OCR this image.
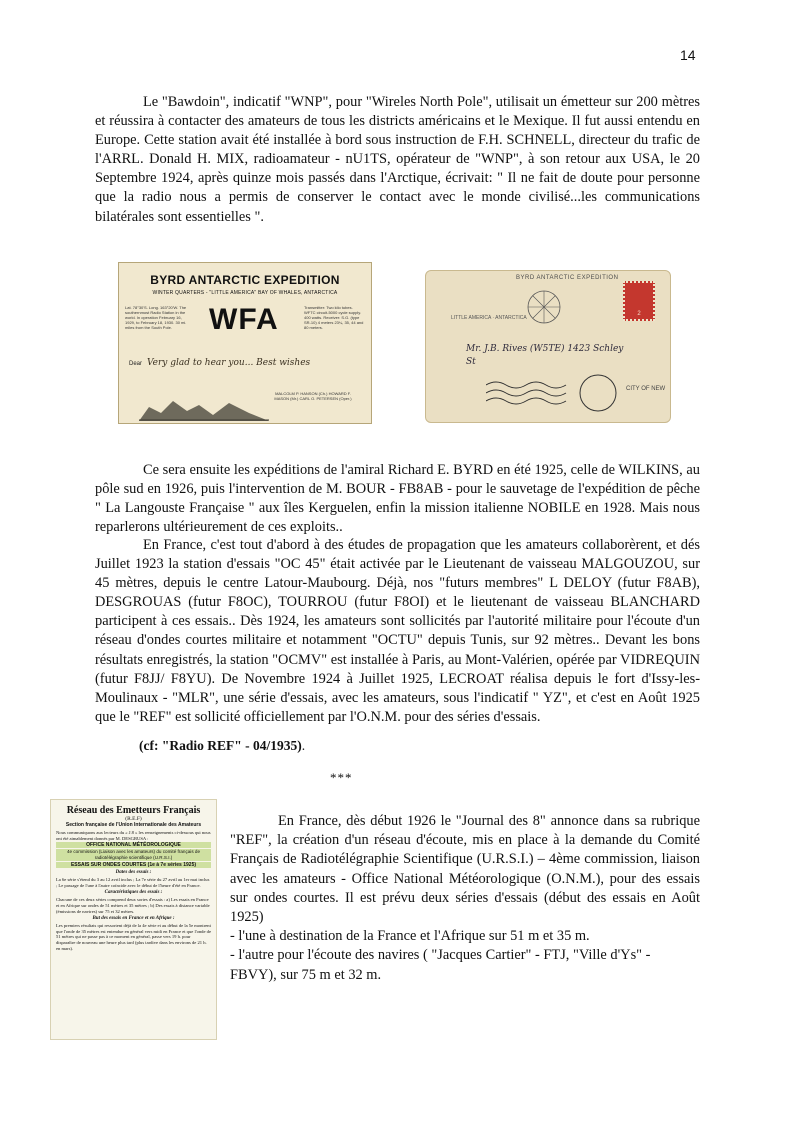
14

Le "Bawdoin", indicatif "WNP", pour "Wireles North Pole", utilisait un émetteur sur 200 mètres et réussira à contacter des amateurs de tous les districts américains et le Mexique. Il fut aussi entendu en Europe. Cette station avait été installée à bord sous instruction de F.H. SCHNELL, directeur du trafic de l'ARRL. Donald H. MIX, radioamateur - nU1TS, opérateur de "WNP", à son retour aux USA, le 20 Septembre 1924, après quinze mois passés dans l'Arctique, écrivait: " Il ne fait de doute pour personne que la radio nous a permis de conserver le contact avec le monde civilisé...les communications bilatérales sont essentielles ".

BYRD ANTARCTIC EXPEDITION
WINTER QUARTERS - "LITTLE AMERICA" BAY OF WHALES, ANTARCTICA
Lat. 78°30'S. Long. 163°20'W. The southernmost Radio Station in the world. In operation February 16, 1929, to February 18, 1930. 30 mi. miles from the South Pole.	WFA	Transmitter: Two kilo tubes. WFTC circuit-5000 cycle supply. 400 watts. Receiver: S.G. (type SR-10) 4 meters 23¼, 35, 44 and 80 meters.
Dear Very glad to hear you... Best wishes
MALCOLM P. HANSON (Ch.) HOWARD F. MASON (Mr.) CARL O. PETERSEN (Oper.)
BYRD ANTARCTIC EXPEDITION
LITTLE AMERICA · ANTARCTICA
2
Mr. J.B. Rives (W5TE) 1423 Schley St
CITY OF NEW

Ce sera ensuite les expéditions de l'amiral Richard E. BYRD en été 1925, celle de WILKINS, au pôle sud en 1926, puis l'intervention de M. BOUR - FB8AB - pour le sauvetage de l'expédition de pêche " La Langouste Française " aux îles Kerguelen, enfin la mission italienne NOBILE en 1928. Mais nous reparlerons ultérieurement de ces exploits..

En France, c'est tout d'abord à des études de propagation que les amateurs collaborèrent, et dés Juillet 1923 la station d'essais "OC 45" était activée par le Lieutenant de vaisseau MALGOUZOU, sur 45 mètres, depuis le centre Latour-Maubourg. Déjà, nos "futurs membres" L DELOY (futur F8AB), DESGROUAS (futur F8OC), TOURROU (futur F8OI) et le lieutenant de vaisseau BLANCHARD participent à ces essais.. Dès 1924, les amateurs sont sollicités par l'autorité militaire pour l'écoute d'un réseau d'ondes courtes militaire et notamment "OCTU" depuis Tunis, sur 92 mètres.. Devant les bons résultats enregistrés, la station "OCMV" est installée à Paris, au Mont-Valérien, opérée par VIDREQUIN (futur F8JJ/ F8YU). De Novembre 1924 à Juillet 1925, LECROAT réalisa depuis le fort d'Issy-les-Moulinaux - "MLR", une série d'essais, avec les amateurs, sous l'indicatif " YZ", et c'est en Août 1925 que le "REF" est sollicité officiellement par l'O.N.M. pour des séries d'essais.

(cf: "Radio REF" - 04/1935).
***
Réseau des Emetteurs Français
(R.E.F)
Section française de l'Union Internationale des Amateurs
Nous communiquons aux lecteurs du « J.8 » les renseignements ci-dessous qui nous ont été aimablement donnés par M. DESGRUSA :
OFFICE NATIONAL MÉTÉOROLOGIQUE
4e commission (Liaison avec les amateurs) du comité français de radiotélégraphie scientifique (U.R.S.I.)
ESSAIS SUR ONDES COURTES (1e à 7e séries 1925)
Dates des essais :
La 6e série s'étend du 3 au 12 avril inclus ; La 7e série du 27 avril au 1er mai inclus ; Le passage de l'une à l'autre coïncide avec le début de l'heure d'été en France.
Caractéristiques des essais :
Chacune de ces deux séries comprend deux sortes d'essais : a) Les essais en France et en Afrique sur ondes de 51 mètres et 35 mètres ; b) Des essais à distance variable (émissions de navires) sur 75 et 32 mètres.
But des essais en France et en Afrique :
Les premiers résultats qui ressortent déjà de la 4e série et au début de la 5e montrent que l'onde de 35 mètres est entendue en général vers midi en France et que l'onde de 51 mètres qui ne passe pas à ce moment en général, passe vers 19 h. pour disparaître de nouveau une heure plus tard (plus tardive dans les environs de 21 h. en mars).

En France, dès début 1926 le "Journal des 8" annonce dans sa rubrique "REF", la création d'un réseau d'écoute, mis en place à la demande du Comité Français de Radiotélégraphie Scientifique (U.R.S.I.) – 4ème commission, liaison avec les amateurs - Office National Météorologique (O.N.M.), pour des essais sur ondes courtes. Il est prévu deux séries d'essais (début des essais en Août 1925)
- l'une à destination de la France et l'Afrique sur 51 m et 35 m.
- l'autre pour l'écoute des navires ( "Jacques Cartier" - FTJ, "Ville d'Ys" - FBVY), sur 75 m et 32 m.
